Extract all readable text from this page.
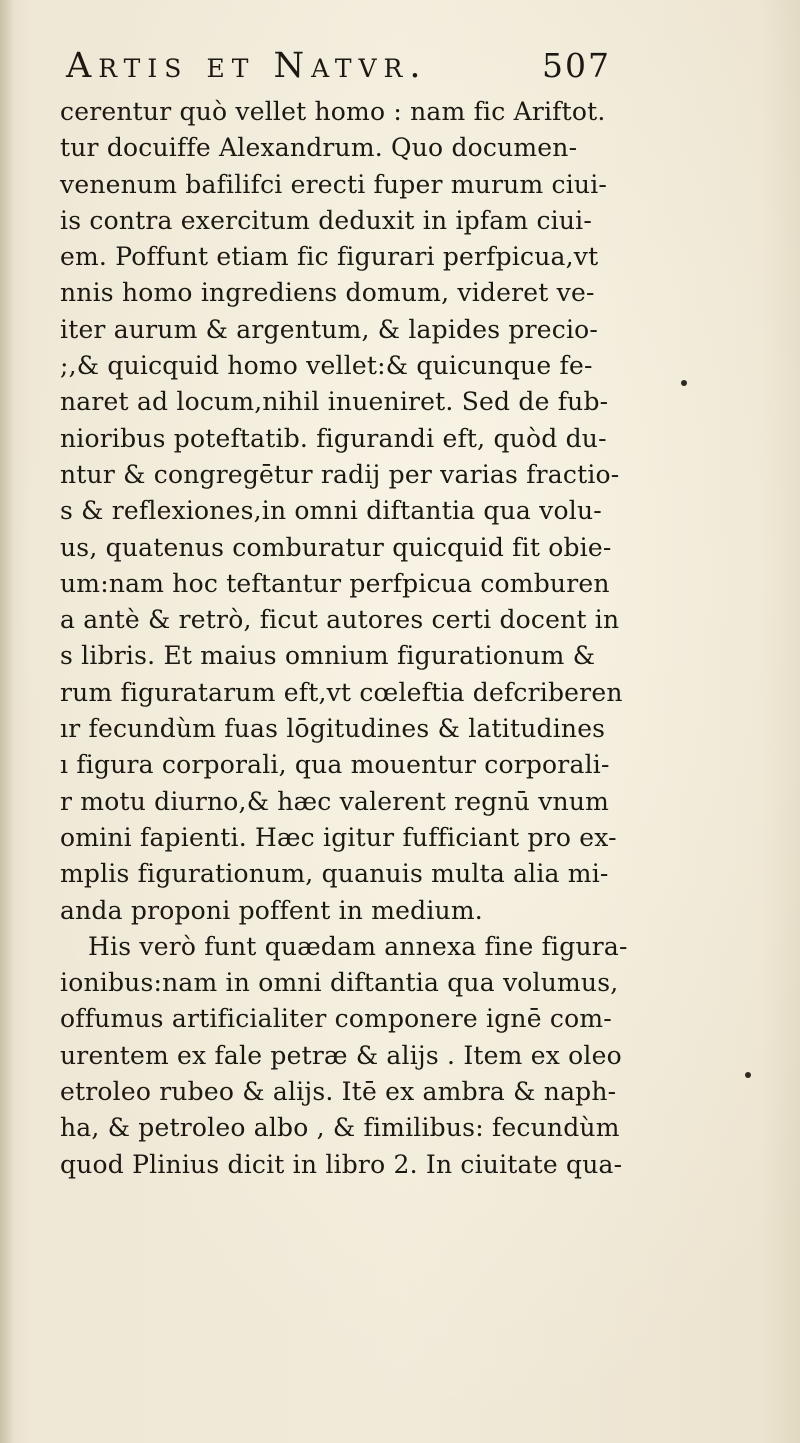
Artis et Natvr.	507
cerentur quò vellet homo : nam fic Ariftot.
tur docuiffe Alexandrum. Quo documen-
venenum bafilifci erecti fuper murum ciui-
is contra exercitum deduxit in ipfam ciui-
em. Poffunt etiam fic figurari perfpicua,vt
nnis homo ingrediens domum, videret ve-
iter aurum & argentum, & lapides precio-
;,& quicquid homo vellet:& quicunque fe-
naret ad locum,nihil inueniret. Sed de fub-
nioribus poteftatib. figurandi eft, quòd du-
ntur & congregētur radij per varias fractio-
s & reflexiones,in omni diftantia qua volu-
us, quatenus comburatur quicquid fit obie-
um:nam hoc teftantur perfpicua comburen
a antè & retrò, ficut autores certi docent in
s libris. Et maius omnium figurationum &
rum figuratarum eft,vt cœleftia defcriberen
ır fecundùm fuas lōgitudines & latitudines
ı figura corporali, qua mouentur corporali-
r motu diurno,& hæc valerent regnū vnum
omini fapienti. Hæc igitur fufficiant pro ex-
mplis figurationum, quanuis multa alia mi-
anda proponi poffent in medium.
His verò funt quædam annexa fine figura-
ionibus:nam in omni diftantia qua volumus,
offumus artificialiter componere ignē com-
urentem ex fale petræ & alijs . Item ex oleo
etroleo rubeo & alijs. Itē ex ambra & naph-
ha, & petroleo albo , & fimilibus: fecundùm
quod Plinius dicit in libro 2. In ciuitate qua-
